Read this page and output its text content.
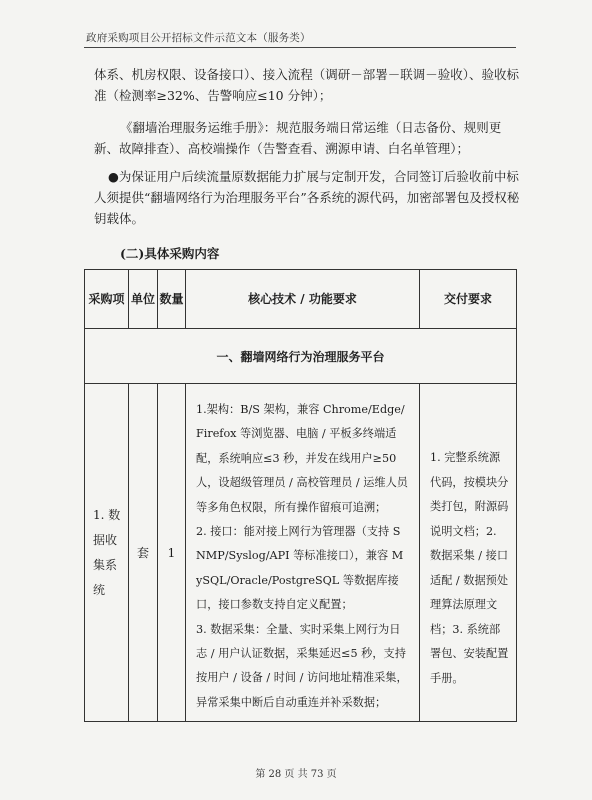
政府采购项目公开招标文件示范文本（服务类）
体系、机房权限、设备接口）、接入流程（调研－部署－联调－验收）、验收标准（检测率≥32%、告警响应≤10 分钟）；
《翻墙治理服务运维手册》：规范服务端日常运维（日志备份、规则更新、故障排查）、高校端操作（告警查看、溯源申请、白名单管理）；
●为保证用户后续流量原数据能力扩展与定制开发，合同签订后验收前中标人须提供“翻墙网络行为治理服务平台”各系统的源代码，加密部署包及授权秘钥载体。
(二)具体采购内容
采购项	单位	数量	核心技术 / 功能要求	交付要求
一、翻墙网络行为治理服务平台				
1. 数据收集系统	套	1	1.架构：B/S 架构，兼容 Chrome/Edge/Firefox 等浏览器、电脑 / 平板多终端适配，系统响应≤3 秒，并发在线用户≥50 人，设超级管理员 / 高校管理员 / 运维人员等多角色权限，所有操作留痕可追溯；
2. 接口：能对接上网行为管理器（支持 SNMP/Syslog/API 等标准接口），兼容 MySQL/Oracle/PostgreSQL 等数据库接口，接口参数支持自定义配置；
3. 数据采集：全量、实时采集上网行为日志 / 用户认证数据，采集延迟≤5 秒，支持按用户 / 设备 / 时间 / 访问地址精准采集，异常采集中断后自动重连并补采数据；	1. 完整系统源代码，按模块分类打包，附源码说明文档；2. 数据采集 / 接口适配 / 数据预处理算法原理文档；3. 系统部署包、安装配置手册。
第 28 页 共 73 页
